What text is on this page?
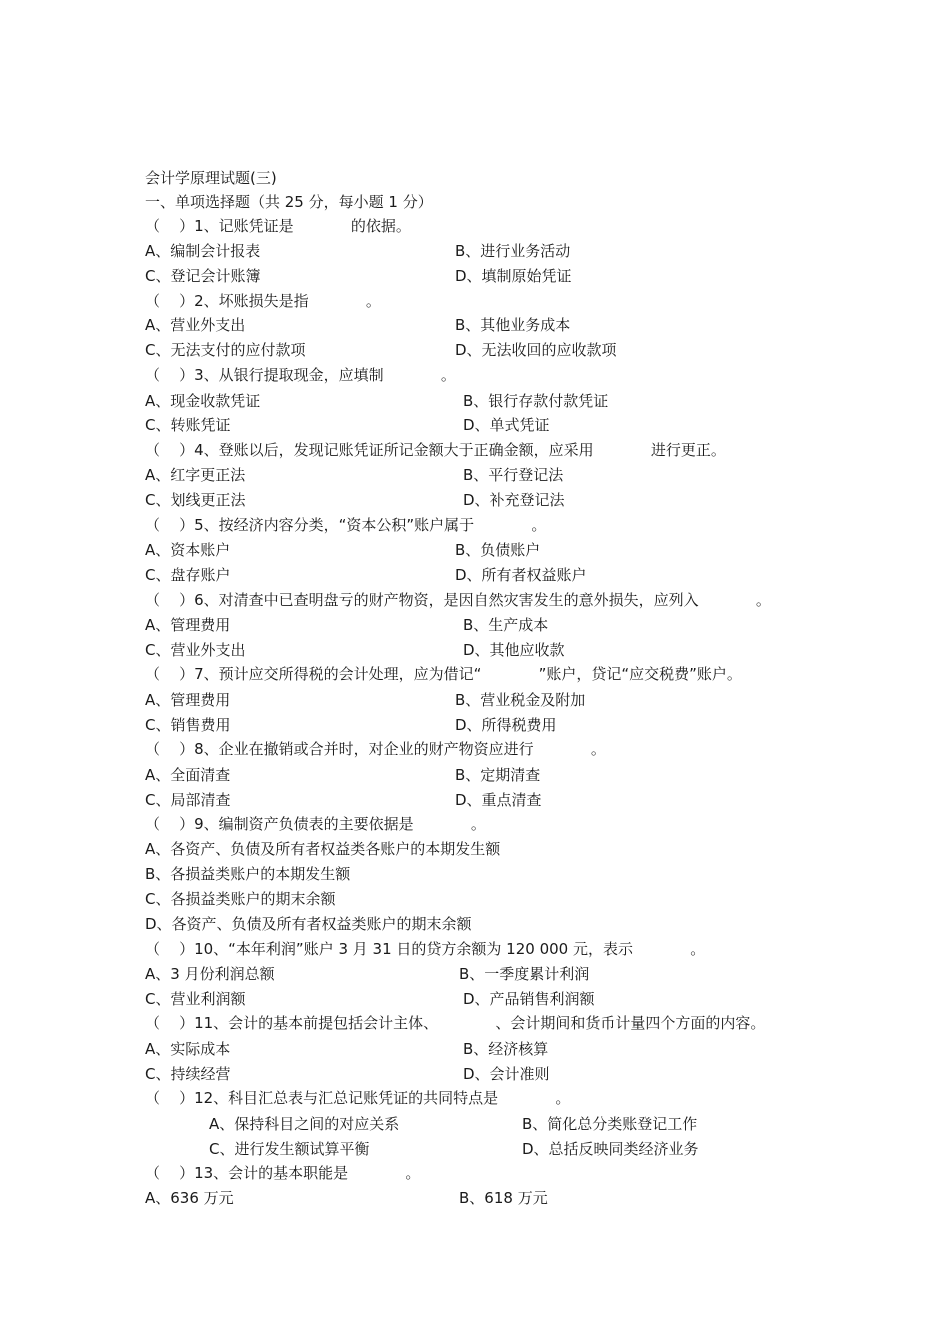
会计学原理试题(三)
一、单项选择题（共 25 分，每小题 1 分）
（    ）1、记账凭证是            的依据。
A、编制会计报表	B、进行业务活动
C、登记会计账簿	D、填制原始凭证
（    ）2、坏账损失是指            。
A、营业外支出	B、其他业务成本
C、无法支付的应付款项	D、无法收回的应收款项
（    ）3、从银行提取现金，应填制            。
A、现金收款凭证	B、银行存款付款凭证
C、转账凭证	D、单式凭证
（    ）4、登账以后，发现记账凭证所记金额大于正确金额，应采用            进行更正。
A、红字更正法	B、平行登记法
C、划线更正法	D、补充登记法
（    ）5、按经济内容分类，“资本公积”账户属于            。
A、资本账户	B、负债账户
C、盘存账户	D、所有者权益账户
（    ）6、对清查中已查明盘亏的财产物资，是因自然灾害发生的意外损失，应列入            。
A、管理费用	B、生产成本
C、营业外支出	D、其他应收款
（    ）7、预计应交所得税的会计处理，应为借记“            ”账户，贷记“应交税费”账户。
A、管理费用	B、营业税金及附加
C、销售费用	D、所得税费用
（    ）8、企业在撤销或合并时，对企业的财产物资应进行            。
A、全面清查	B、定期清查
C、局部清查	D、重点清查
（    ）9、编制资产负债表的主要依据是            。
A、各资产、负债及所有者权益类各账户的本期发生额
B、各损益类账户的本期发生额
C、各损益类账户的期末余额
D、各资产、负债及所有者权益类账户的期末余额
（    ）10、“本年利润”账户 3 月 31 日的贷方余额为 120 000 元，表示            。
A、3 月份利润总额	B、一季度累计利润
C、营业利润额	D、产品销售利润额
（    ）11、会计的基本前提包括会计主体、            、会计期间和货币计量四个方面的内容。
A、实际成本	B、经济核算
C、持续经营	D、会计准则
（    ）12、科目汇总表与汇总记账凭证的共同特点是            。
A、保持科目之间的对应关系	B、简化总分类账登记工作
C、进行发生额试算平衡	D、总括反映同类经济业务
（    ）13、会计的基本职能是            。
A、636 万元	B、618 万元
